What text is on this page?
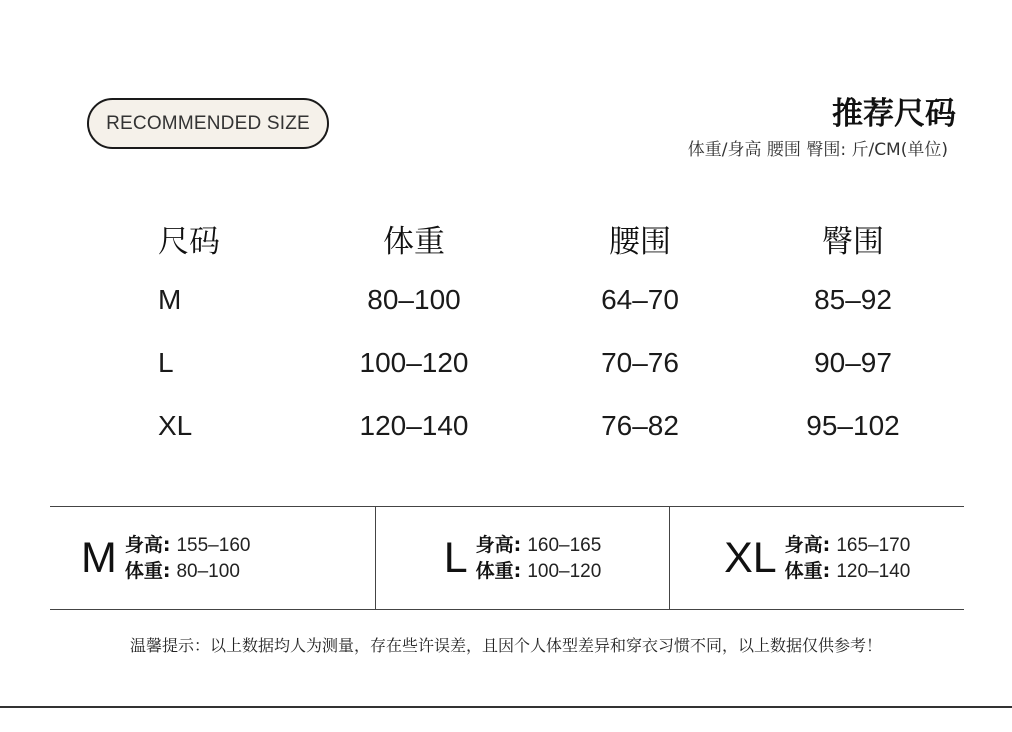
RECOMMENDED SIZE	推荐尺码
体重/身高 腰围 臀围: 斤/CM(单位)
尺码	体重	腰围	臀围
M	80–100	64–70	85–92
L	100–120	70–76	90–97
XL	120–140	76–82	95–102
M 身高: 155–160
体重: 80–100	L 身高: 160–165
体重: 100–120	XL 身高: 165–170
体重: 120–140
温馨提示：以上数据均人为测量，存在些许误差，且因个人体型差异和穿衣习惯不同，以上数据仅供参考！
